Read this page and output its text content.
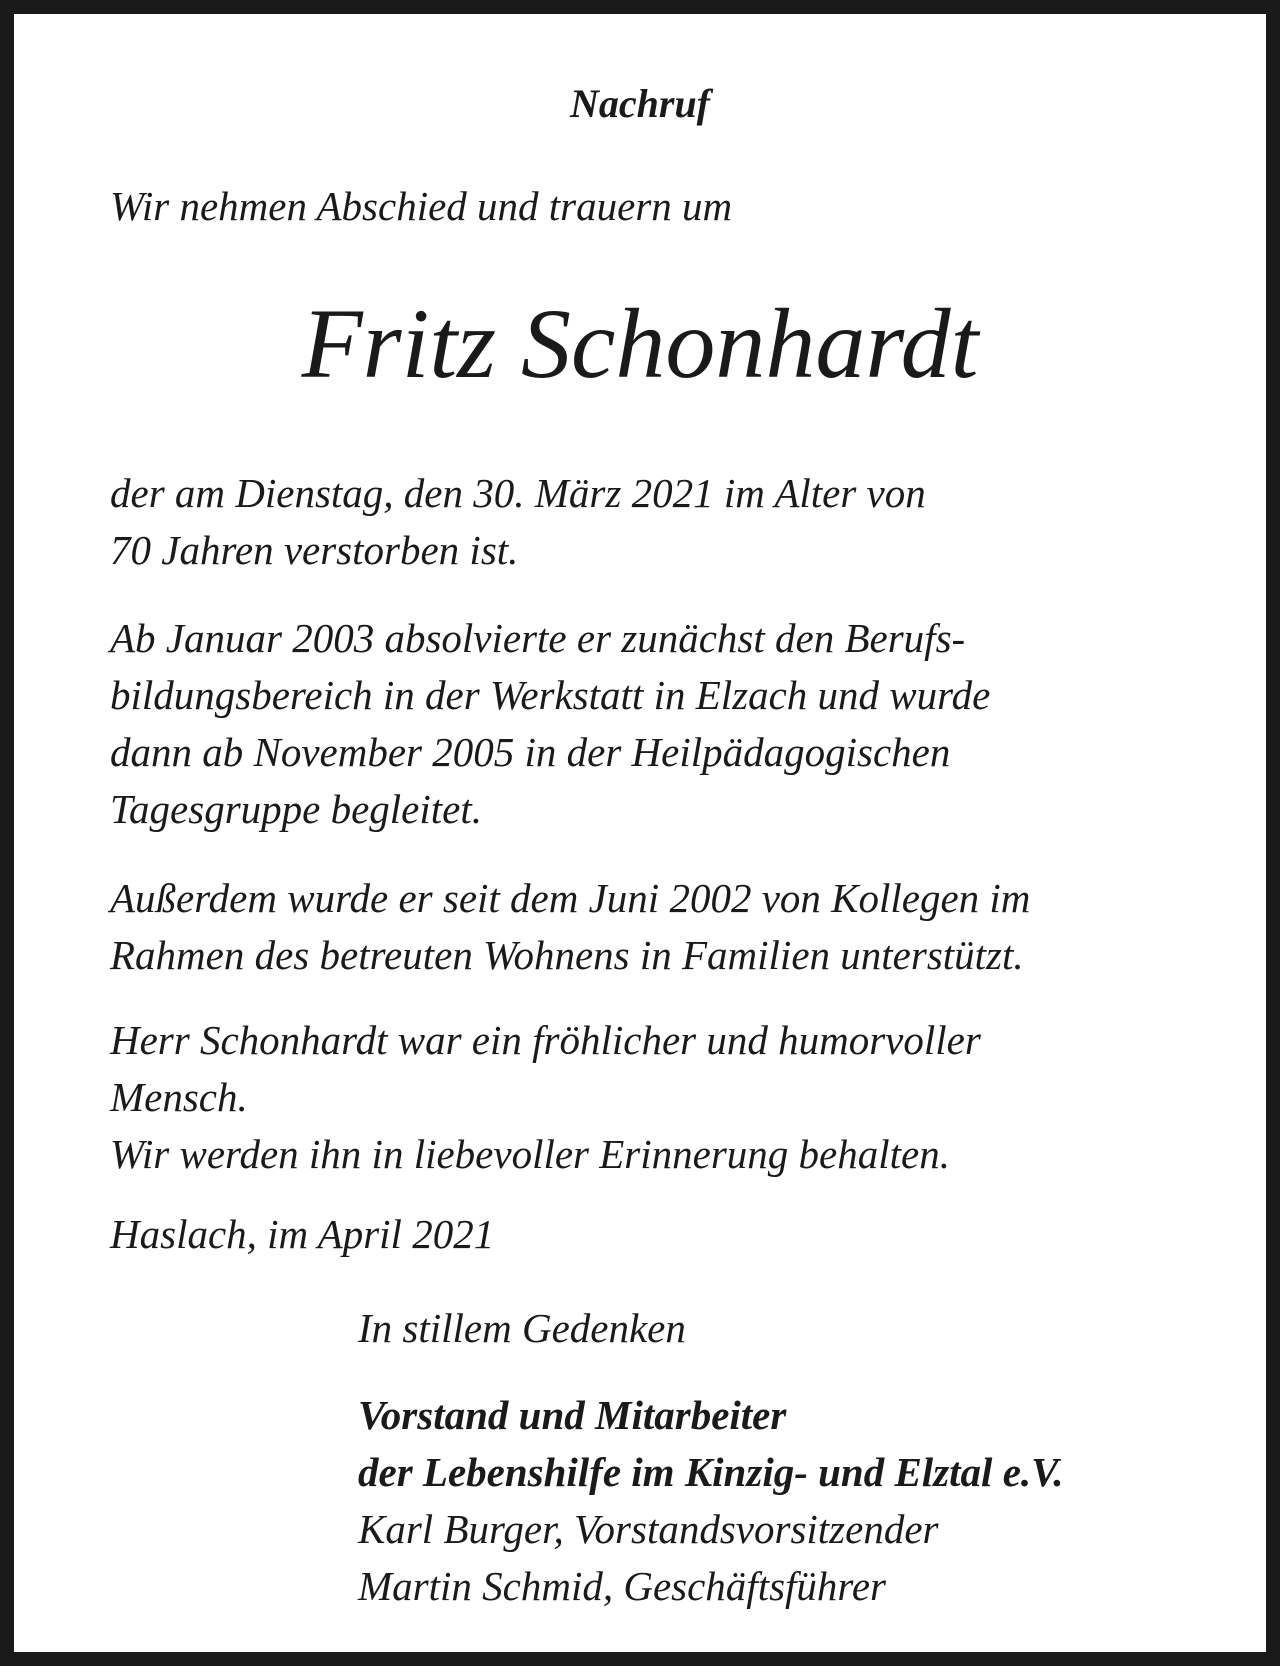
Nachruf
Wir nehmen Abschied und trauern um
Fritz Schonhardt
der am Dienstag, den 30. März 2021 im Alter von
70 Jahren verstorben ist.
Ab Januar 2003 absolvierte er zunächst den Berufs-
bildungsbereich in der Werkstatt in Elzach und wurde
dann ab November 2005 in der Heilpädagogischen
Tagesgruppe begleitet.
Außerdem wurde er seit dem Juni 2002 von Kollegen im
Rahmen des betreuten Wohnens in Familien unterstützt.
Herr Schonhardt war ein fröhlicher und humorvoller
Mensch.
Wir werden ihn in liebevoller Erinnerung behalten.
Haslach, im April 2021
In stillem Gedenken
Vorstand und Mitarbeiter
der Lebenshilfe im Kinzig- und Elztal e.V.
Karl Burger, Vorstandsvorsitzender
Martin Schmid, Geschäftsführer
